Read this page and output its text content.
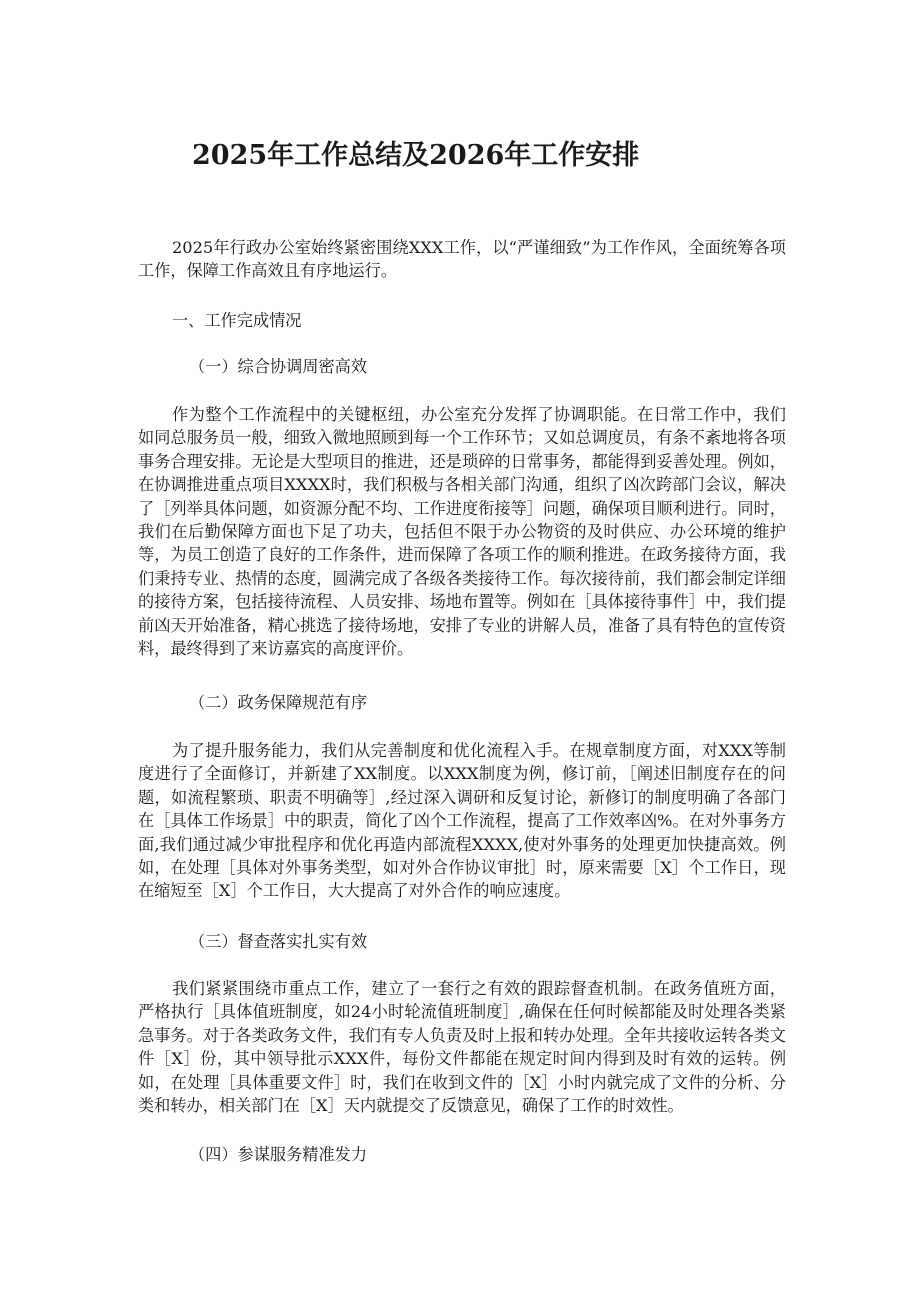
2025年工作总结及2026年工作安排

2025年行政办公室始终紧密围绕XXX工作，以“严谨细致”为工作作风，全面统筹各项工作，保障工作高效且有序地运行。

一、工作完成情况

（一）综合协调周密高效

作为整个工作流程中的关键枢纽，办公室充分发挥了协调职能。在日常工作中，我们如同总服务员一般，细致入微地照顾到每一个工作环节；又如总调度员，有条不紊地将各项事务合理安排。无论是大型项目的推进，还是琐碎的日常事务，都能得到妥善处理。例如，在协调推进重点项目XXXX时，我们积极与各相关部门沟通，组织了凶次跨部门会议，解决了［列举具体问题，如资源分配不均、工作进度衔接等］问题，确保项目顺利进行。同时，我们在后勤保障方面也下足了功夫，包括但不限于办公物资的及时供应、办公环境的维护等，为员工创造了良好的工作条件，进而保障了各项工作的顺利推进。在政务接待方面，我们秉持专业、热情的态度，圆满完成了各级各类接待工作。每次接待前，我们都会制定详细的接待方案，包括接待流程、人员安排、场地布置等。例如在［具体接待事件］中，我们提前凶天开始准备，精心挑选了接待场地，安排了专业的讲解人员，准备了具有特色的宣传资料，最终得到了来访嘉宾的高度评价。

（二）政务保障规范有序

为了提升服务能力，我们从完善制度和优化流程入手。在规章制度方面，对XXX等制度进行了全面修订，并新建了XX制度。以XXX制度为例，修订前，［阐述旧制度存在的问题，如流程繁琐、职责不明确等］,经过深入调研和反复讨论，新修订的制度明确了各部门在［具体工作场景］中的职责，简化了凶个工作流程，提高了工作效率凶%。在对外事务方面,我们通过减少审批程序和优化再造内部流程XXXX,使对外事务的处理更加快捷高效。例如，在处理［具体对外事务类型，如对外合作协议审批］时，原来需要［X］个工作日，现在缩短至［X］个工作日，大大提高了对外合作的响应速度。

（三）督查落实扎实有效

我们紧紧围绕市重点工作，建立了一套行之有效的跟踪督查机制。在政务值班方面，严格执行［具体值班制度，如24小时轮流值班制度］,确保在任何时候都能及时处理各类紧急事务。对于各类政务文件，我们有专人负责及时上报和转办处理。全年共接收运转各类文件［X］份，其中领导批示XXX件，每份文件都能在规定时间内得到及时有效的运转。例如，在处理［具体重要文件］时，我们在收到文件的［X］小时内就完成了文件的分析、分类和转办，相关部门在［X］天内就提交了反馈意见，确保了工作的时效性。

（四）参谋服务精准发力
